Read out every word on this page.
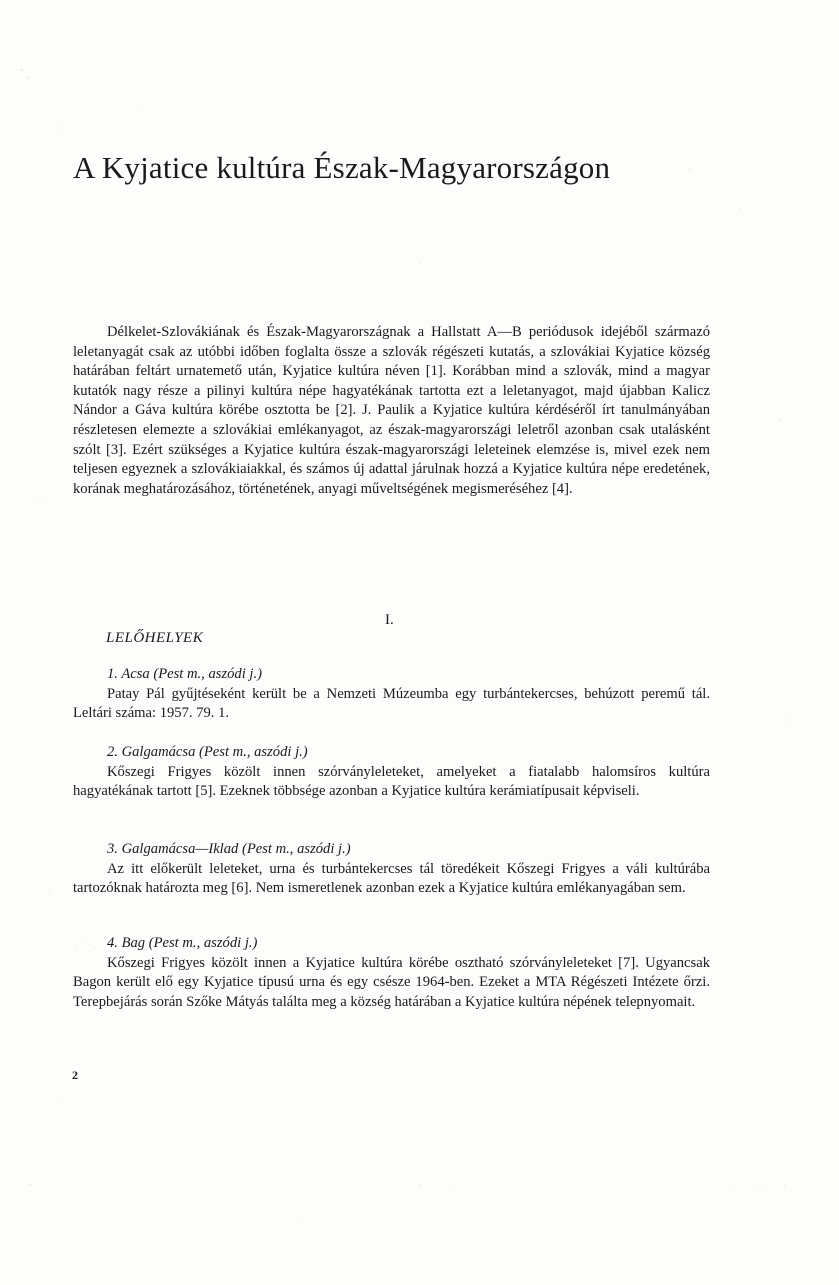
A Kyjatice kultúra Észak-Magyarországon

Délkelet-Szlovákiának és Észak-Magyarországnak a Hallstatt A—B periódusok idejéből származó leletanyagát csak az utóbbi időben foglalta össze a szlovák régészeti kutatás, a szlovákiai Kyjatice község határában feltárt urnatemető után, Kyjatice kultúra néven [1]. Korábban mind a szlovák, mind a magyar kutatók nagy része a pilinyi kultúra népe hagyatékának tartotta ezt a leletanyagot, majd újabban Kalicz Nándor a Gáva kultúra körébe osztotta be [2]. J. Paulik a Kyjatice kultúra kérdéséről írt tanulmányában részletesen elemezte a szlovákiai emlékanyagot, az észak-magyarországi leletről azonban csak utalásként szólt [3]. Ezért szükséges a Kyjatice kultúra észak-magyarországi leleteinek elemzése is, mivel ezek nem teljesen egyeznek a szlovákiaiakkal, és számos új adattal járulnak hozzá a Kyjatice kultúra népe eredetének, korának meghatározásához, történetének, anyagi műveltségének megismeréséhez [4].

I.
LELŐHELYEK
1. Acsa (Pest m., aszódi j.)
Patay Pál gyűjtéseként került be a Nemzeti Múzeumba egy turbántekercses, behúzott peremű tál. Leltári száma: 1957. 79. 1.
2. Galgamácsa (Pest m., aszódi j.)
Kőszegi Frigyes közölt innen szórványleleteket, amelyeket a fiatalabb halomsíros kultúra hagyatékának tartott [5]. Ezeknek többsége azonban a Kyjatice kultúra kerámiatípusait képviseli.
3. Galgamácsa—Iklad (Pest m., aszódi j.)
Az itt előkerült leleteket, urna és turbántekercses tál töredékeit Kőszegi Frigyes a váli kultúrába tartozóknak határozta meg [6]. Nem ismeretlenek azonban ezek a Kyjatice kultúra emlékanyagában sem.
4. Bag (Pest m., aszódi j.)
Kőszegi Frigyes közölt innen a Kyjatice kultúra körébe osztható szórványleleteket [7]. Ugyancsak Bagon került elő egy Kyjatice típusú urna és egy csésze 1964-ben. Ezeket a MTA Régészeti Intézete őrzi. Terepbejárás során Szőke Mátyás találta meg a község határában a Kyjatice kultúra népének telepnyomait.
2
